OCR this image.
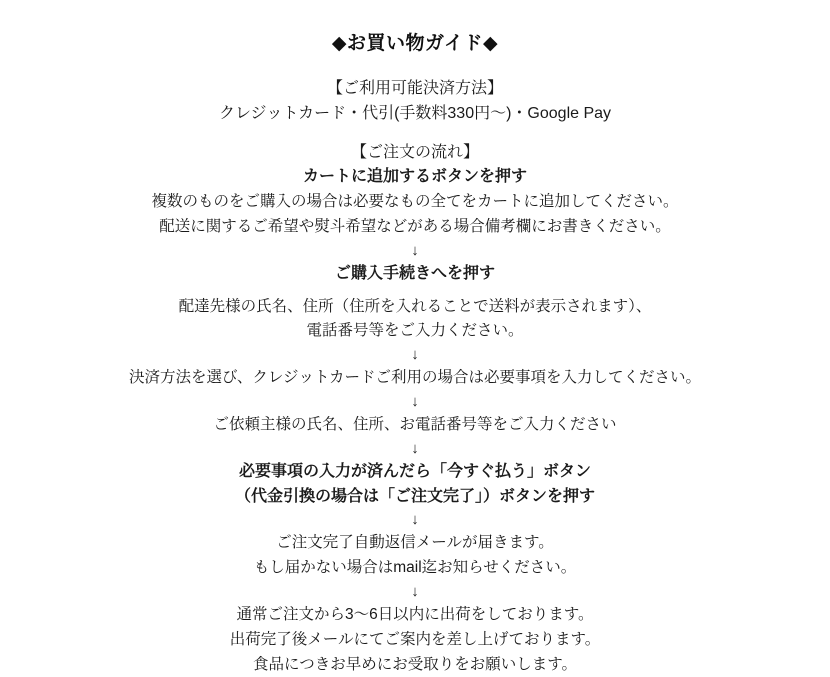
◆お買い物ガイド◆
【ご利用可能決済方法】
クレジットカード・代引(手数料330円〜)・Google Pay
【ご注文の流れ】
カートに追加するボタンを押す
複数のものをご購入の場合は必要なもの全てをカートに追加してください。
配送に関するご希望や熨斗希望などがある場合備考欄にお書きください。
↓
ご購入手続きへを押す
配達先様の氏名、住所（住所を入れることで送料が表示されます）、
電話番号等をご入力ください。
↓
決済方法を選び、クレジットカードご利用の場合は必要事項を入力してください。
↓
ご依頼主様の氏名、住所、お電話番号等をご入力ください
↓
必要事項の入力が済んだら「今すぐ払う」ボタン
（代金引換の場合は「ご注文完了」）ボタンを押す
↓
ご注文完了自動返信メールが届きます。
もし届かない場合はmail迄お知らせください。
↓
通常ご注文から3〜6日以内に出荷をしております。
出荷完了後メールにてご案内を差し上げております。
食品につきお早めにお受取りをお願いします。
